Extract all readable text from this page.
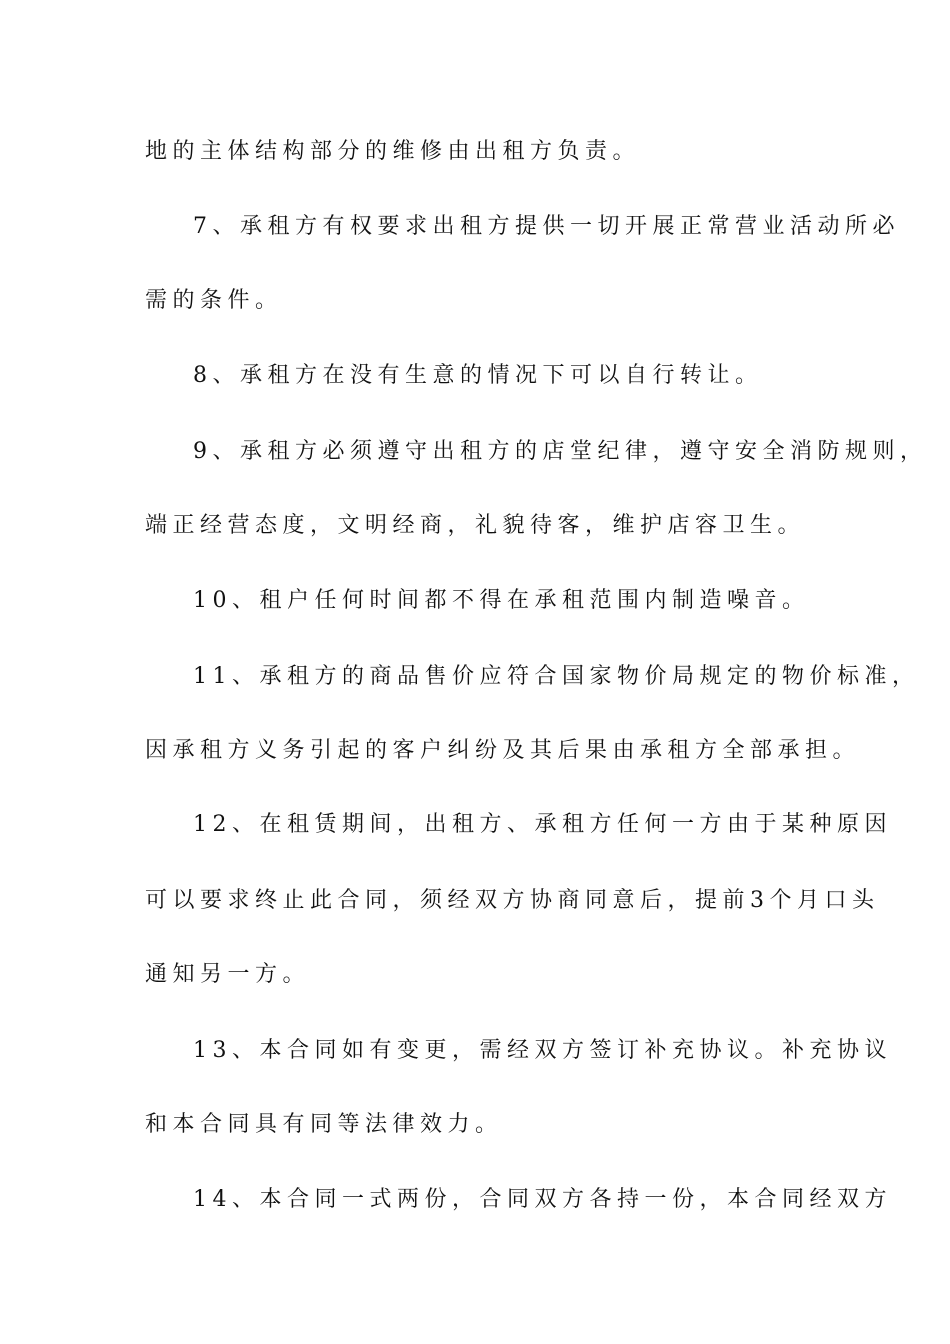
地的主体结构部分的维修由出租方负责。
7、承租方有权要求出租方提供一切开展正常营业活动所必
需的条件。
8、承租方在没有生意的情况下可以自行转让。
9、承租方必须遵守出租方的店堂纪律，遵守安全消防规则，
端正经营态度，文明经商，礼貌待客，维护店容卫生。
10、租户任何时间都不得在承租范围内制造噪音。
11、承租方的商品售价应符合国家物价局规定的物价标准，
因承租方义务引起的客户纠纷及其后果由承租方全部承担。
12、在租赁期间，出租方、承租方任何一方由于某种原因
可以要求终止此合同，须经双方协商同意后，提前3个月口头
通知另一方。
13、本合同如有变更，需经双方签订补充协议。补充协议
和本合同具有同等法律效力。
14、本合同一式两份，合同双方各持一份，本合同经双方
